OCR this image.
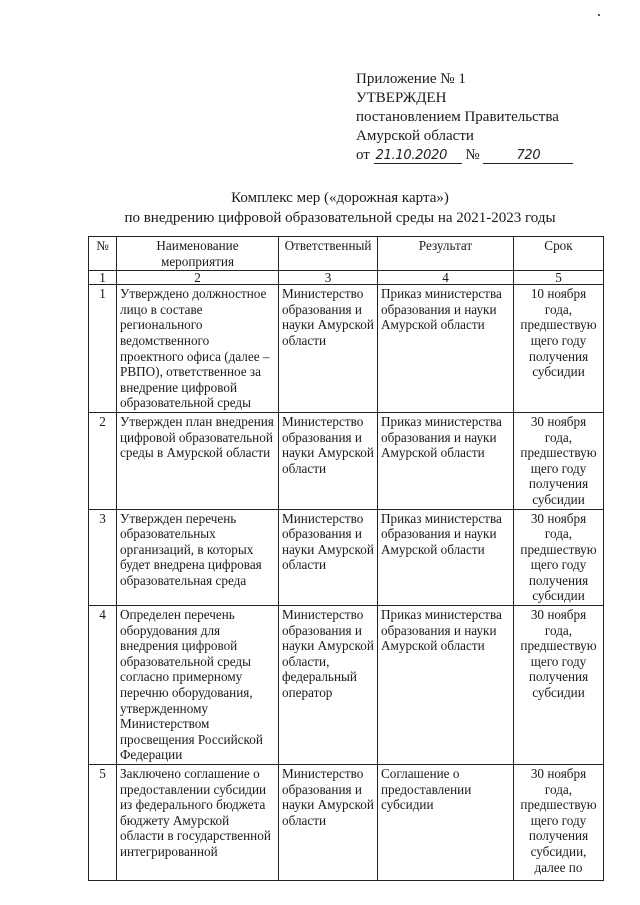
Приложение № 1
УТВЕРЖДЕН
постановлением Правительства
Амурской области
от 21.10.2020 №	720
Комплекс мер («дорожная карта»)
по внедрению цифровой образовательной среды на 2021-2023 годы
№	Наименование мероприятия	Ответственный	Результат	Срок
1	2	3	4	5
1	Утверждено должностное лицо в составе регионального ведомственного проектного офиса (далее – РВПО), ответственное за внедрение цифровой образовательной среды	Министерство образования и науки Амурской области	Приказ министерства образования и науки Амурской области	10 ноября года, предшествую щего году получения субсидии
2	Утвержден план внедрения цифровой образовательной среды в Амурской области	Министерство образования и науки Амурской области	Приказ министерства образования и науки Амурской области	30 ноября года, предшествую щего году получения субсидии
3	Утвержден перечень образовательных организаций, в которых будет внедрена цифровая образовательная среда	Министерство образования и науки Амурской области	Приказ министерства образования и науки Амурской области	30 ноября года, предшествую щего году получения субсидии
4	Определен перечень оборудования для внедрения цифровой образовательной среды согласно примерному перечню оборудования, утвержденному Министерством просвещения Российской Федерации	Министерство образования и науки Амурской области, федеральный оператор	Приказ министерства образования и науки Амурской области	30 ноября года, предшествую щего году получения субсидии
5	Заключено соглашение о предоставлении субсидии из федерального бюджета бюджету Амурской области в государственной интегрированной	Министерство образования и науки Амурской области	Соглашение о предоставлении субсидии	30 ноября года, предшествую щего году получения субсидии, далее по
